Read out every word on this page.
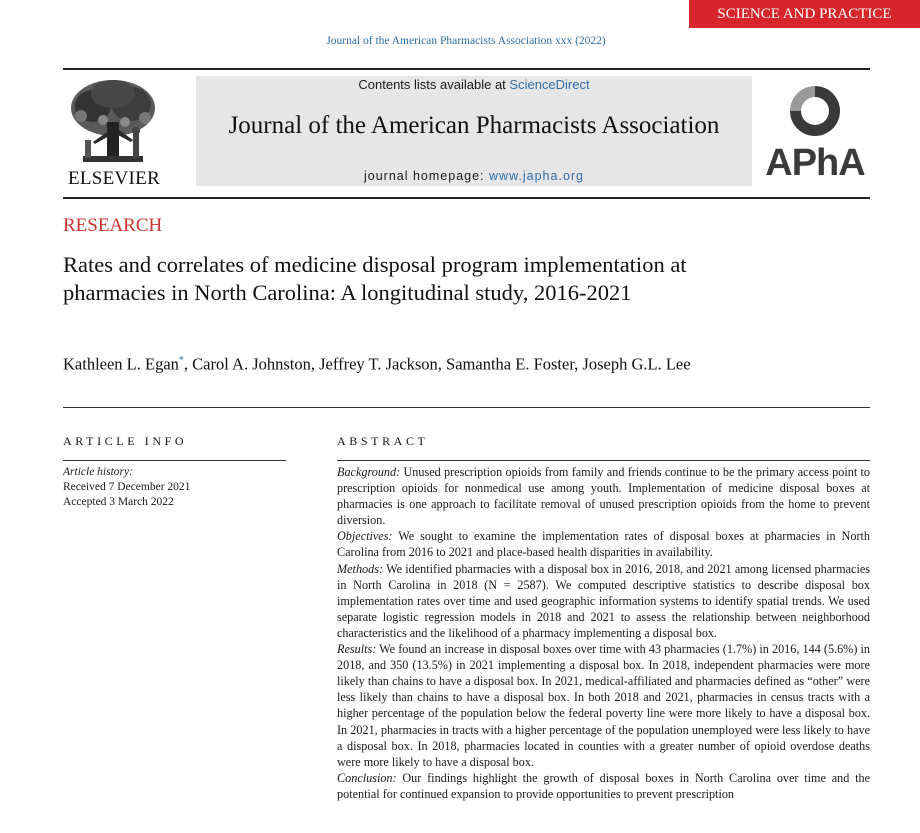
SCIENCE AND PRACTICE
Journal of the American Pharmacists Association xxx (2022)
ELSEVIER
Contents lists available at ScienceDirect
Journal of the American Pharmacists Association
journal homepage: www.japha.org	APhA
RESEARCH
Rates and correlates of medicine disposal program implementation at pharmacies in North Carolina: A longitudinal study, 2016-2021
Kathleen L. Egan*, Carol A. Johnston, Jeffrey T. Jackson, Samantha E. Foster, Joseph G.L. Lee
ARTICLE INFO	ABSTRACT
Article history:
Received 7 December 2021
Accepted 3 March 2022

Background: Unused prescription opioids from family and friends continue to be the primary access point to prescription opioids for nonmedical use among youth. Implementation of medicine disposal boxes at pharmacies is one approach to facilitate removal of unused prescription opioids from the home to prevent diversion.

Objectives: We sought to examine the implementation rates of disposal boxes at pharmacies in North Carolina from 2016 to 2021 and place-based health disparities in availability.

Methods: We identified pharmacies with a disposal box in 2016, 2018, and 2021 among licensed pharmacies in North Carolina in 2018 (N = 2587). We computed descriptive statistics to describe disposal box implementation rates over time and used geographic information systems to identify spatial trends. We used separate logistic regression models in 2018 and 2021 to assess the relationship between neighborhood characteristics and the likelihood of a pharmacy implementing a disposal box.

Results: We found an increase in disposal boxes over time with 43 pharmacies (1.7%) in 2016, 144 (5.6%) in 2018, and 350 (13.5%) in 2021 implementing a disposal box. In 2018, independent pharmacies were more likely than chains to have a disposal box. In 2021, medical-affiliated and pharmacies defined as “other” were less likely than chains to have a disposal box. In both 2018 and 2021, pharmacies in census tracts with a higher percentage of the population below the federal poverty line were more likely to have a disposal box. In 2021, pharmacies in tracts with a higher percentage of the population unemployed were less likely to have a disposal box. In 2018, pharmacies located in counties with a greater number of opioid overdose deaths were more likely to have a disposal box.

Conclusion: Our findings highlight the growth of disposal boxes in North Carolina over time and the potential for continued expansion to provide opportunities to prevent prescription
